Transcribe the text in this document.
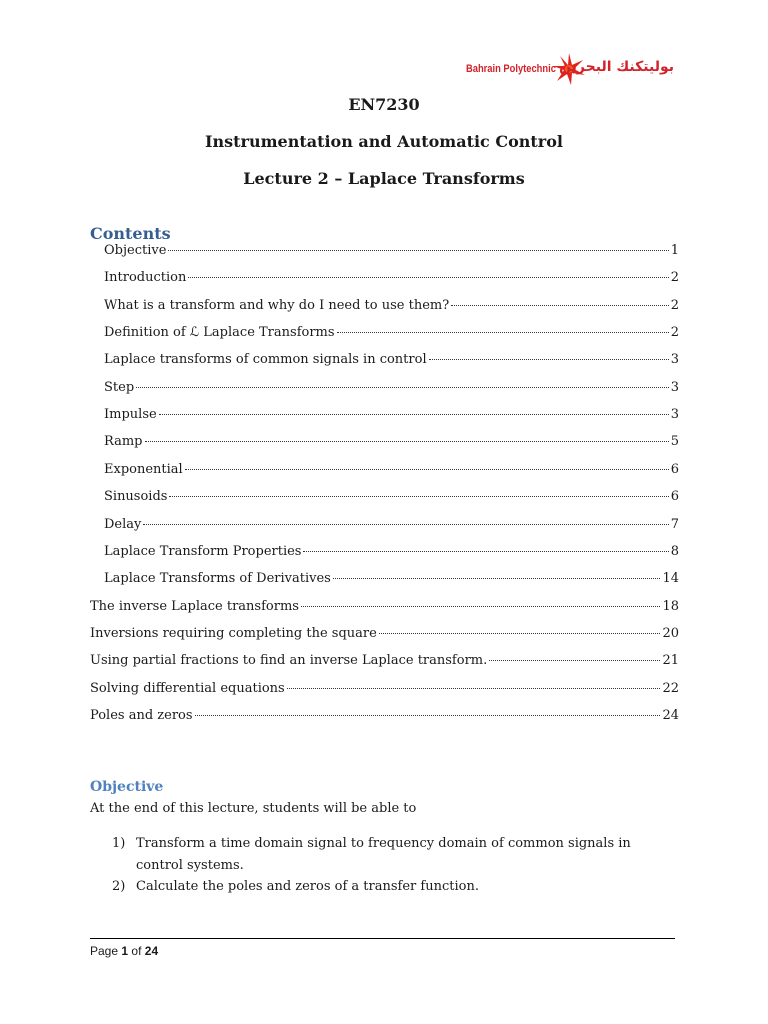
Bahrain Polytechnic بوليتكنك البحرين
EN7230
Instrumentation and Automatic Control
Lecture 2 – Laplace Transforms
Contents
Objective	1
Introduction	2
What is a transform and why do I need to use them?	2
Definition of ℒ Laplace Transforms	2
Laplace transforms of common signals in control	3
Step	3
Impulse	3
Ramp	5
Exponential	6
Sinusoids	6
Delay	7
Laplace Transform Properties	8
Laplace Transforms of Derivatives	14
The inverse Laplace transforms	18
Inversions requiring completing the square	20
Using partial fractions to find an inverse Laplace transform.	21
Solving differential equations	22
Poles and zeros	24
Objective
At the end of this lecture, students will be able to
1) Transform a time domain signal to frequency domain of common signals in control systems.
2) Calculate the poles and zeros of a transfer function.
Page 1 of 24
